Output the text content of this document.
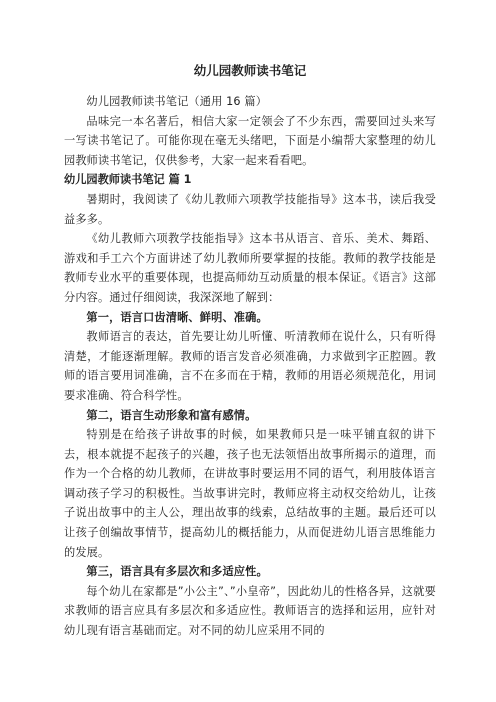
幼儿园教师读书笔记

幼儿园教师读书笔记（通用 16 篇）

品味完一本名著后，相信大家一定领会了不少东西，需要回过头来写一写读书笔记了。可能你现在毫无头绪吧，下面是小编帮大家整理的幼儿园教师读书笔记，仅供参考，大家一起来看看吧。

幼儿园教师读书笔记 篇 1

暑期时，我阅读了《幼儿教师六项教学技能指导》这本书，读后我受益多多。

《幼儿教师六项教学技能指导》这本书从语言、音乐、美术、舞蹈、游戏和手工六个方面讲述了幼儿教师所要掌握的技能。教师的教学技能是教师专业水平的重要体现，也提高师幼互动质量的根本保证。《语言》这部分内容。通过仔细阅读，我深深地了解到：

第一，语言口齿清晰、鲜明、准确。

教师语言的表达，首先要让幼儿听懂、听清教师在说什么，只有听得清楚，才能逐渐理解。教师的语言发音必须准确，力求做到字正腔圆。教师的语言要用词准确，言不在多而在于精，教师的用语必须规范化，用词要求准确、符合科学性。

第二，语言生动形象和富有感情。

特别是在给孩子讲故事的时候，如果教师只是一味平铺直叙的讲下去，根本就提不起孩子的兴趣，孩子也无法领悟出故事所揭示的道理，而作为一个合格的幼儿教师，在讲故事时要运用不同的语气，利用肢体语言调动孩子学习的积极性。当故事讲完时，教师应将主动权交给幼儿，让孩子说出故事中的主人公，理出故事的线索，总结故事的主题。最后还可以让孩子创编故事情节，提高幼儿的概括能力，从而促进幼儿语言思维能力的发展。

第三，语言具有多层次和多适应性。

每个幼儿在家都是”小公主”、”小皇帝”，因此幼儿的性格各异，这就要求教师的语言应具有多层次和多适应性。教师语言的选择和运用，应针对幼儿现有语言基础而定。对不同的幼儿应采用不同的
